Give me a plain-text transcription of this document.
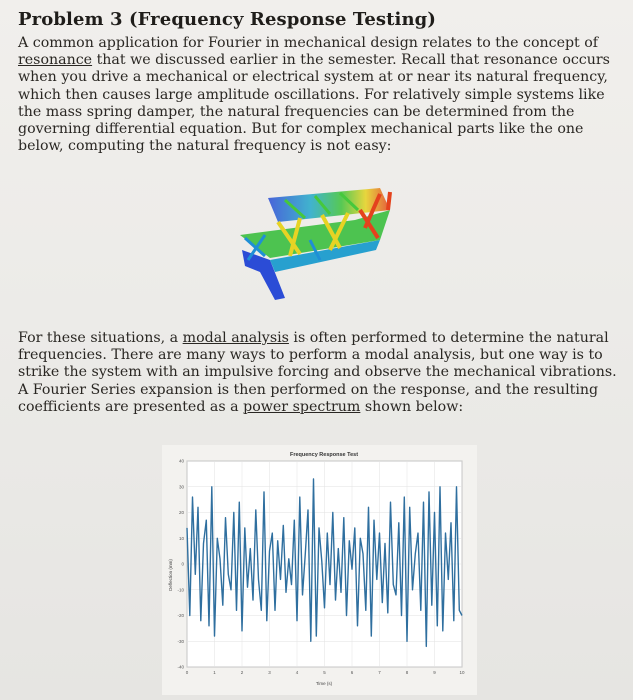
Problem 3 (Frequency Response Testing)

A common application for Fourier in mechanical design relates to the concept of resonance that we discussed earlier in the semester. Recall that resonance occurs when you drive a mechanical or electrical system at or near its natural frequency, which then causes large amplitude oscillations. For relatively simple systems like the mass spring damper, the natural frequencies can be determined from the governing differential equation. But for complex mechanical parts like the one below, computing the natural frequency is not easy:

For these situations, a modal analysis is often performed to determine the natural frequencies. There are many ways to perform a modal analysis, but one way is to strike the system with an impulsive forcing and observe the mechanical vibrations. A Fourier Series expansion is then performed on the response, and the resulting coefficients are presented as a power spectrum shown below:

Frequency Response Test
Deflection (mm)
Time (s)
0	1	2	3	4	5	6	7	8	9	10
40
30
20
10
0
-10
-20
-30
-40
